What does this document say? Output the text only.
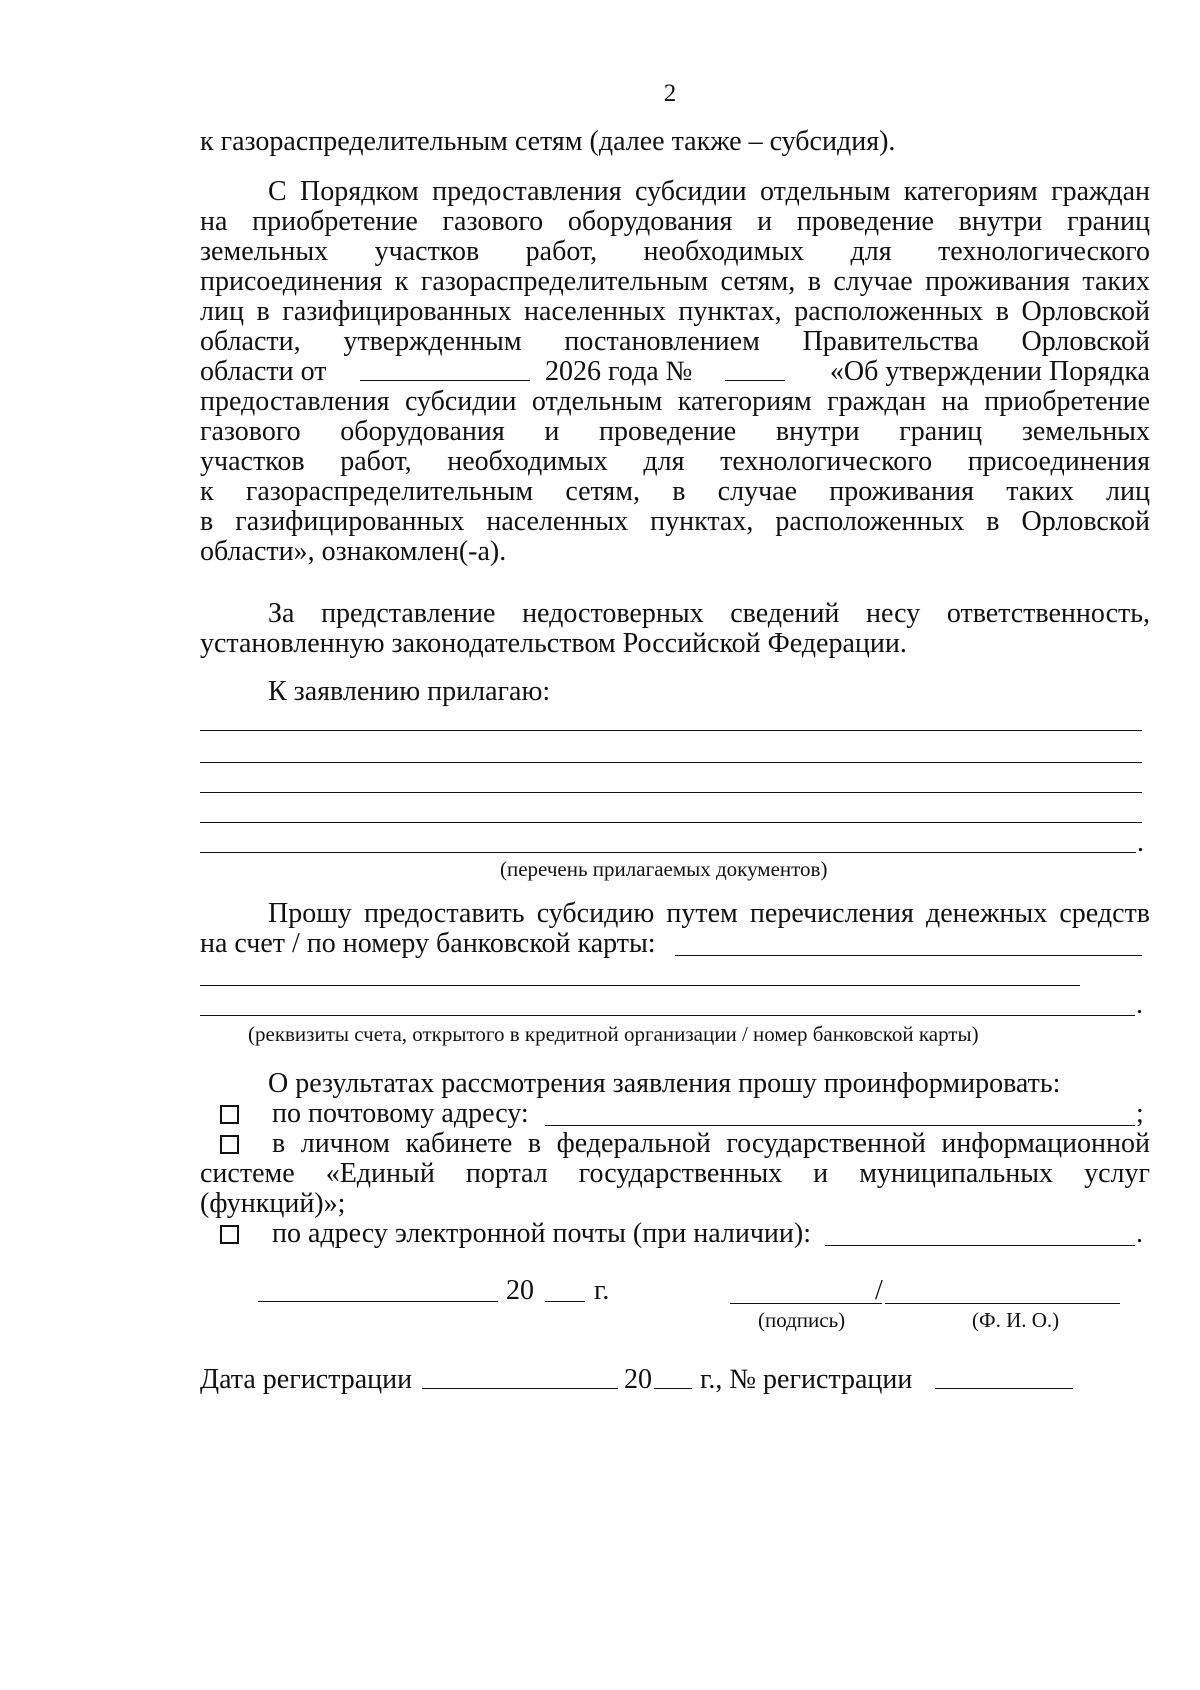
2
к газораспределительным сетям (далее также – субсидия).
С Порядком предоставления субсидии отдельным категориям граждан
на приобретение газового оборудования и проведение внутри границ
земельных участков работ, необходимых для технологического
присоединения к газораспределительным сетям, в случае проживания таких
лиц в газифицированных населенных пунктах, расположенных в Орловской
области, утвержденным постановлением Правительства Орловской
области от	2026 года №	«Об утверждении Порядка
предоставления субсидии отдельным категориям граждан на приобретение
газового оборудования и проведение внутри границ земельных
участков работ, необходимых для технологического присоединения
к газораспределительным сетям, в случае проживания таких лиц
в газифицированных населенных пунктах, расположенных в Орловской
области», ознакомлен(-а).
За представление недостоверных сведений несу ответственность,
установленную законодательством Российской Федерации.
К заявлению прилагаю:
.
(перечень прилагаемых документов)
Прошу предоставить субсидию путем перечисления денежных средств
на счет / по номеру банковской карты:
.
(реквизиты счета, открытого в кредитной организации / номер банковской карты)
О результатах рассмотрения заявления прошу проинформировать:
по почтовому адресу:	;
в личном кабинете в федеральной государственной информационной
системе «Единый портал государственных и муниципальных услуг
(функций)»;
по адресу электронной почты (при наличии):	.
20	г.	/
(подпись)	(Ф. И. О.)
Дата регистрации	20 г., № регистрации
